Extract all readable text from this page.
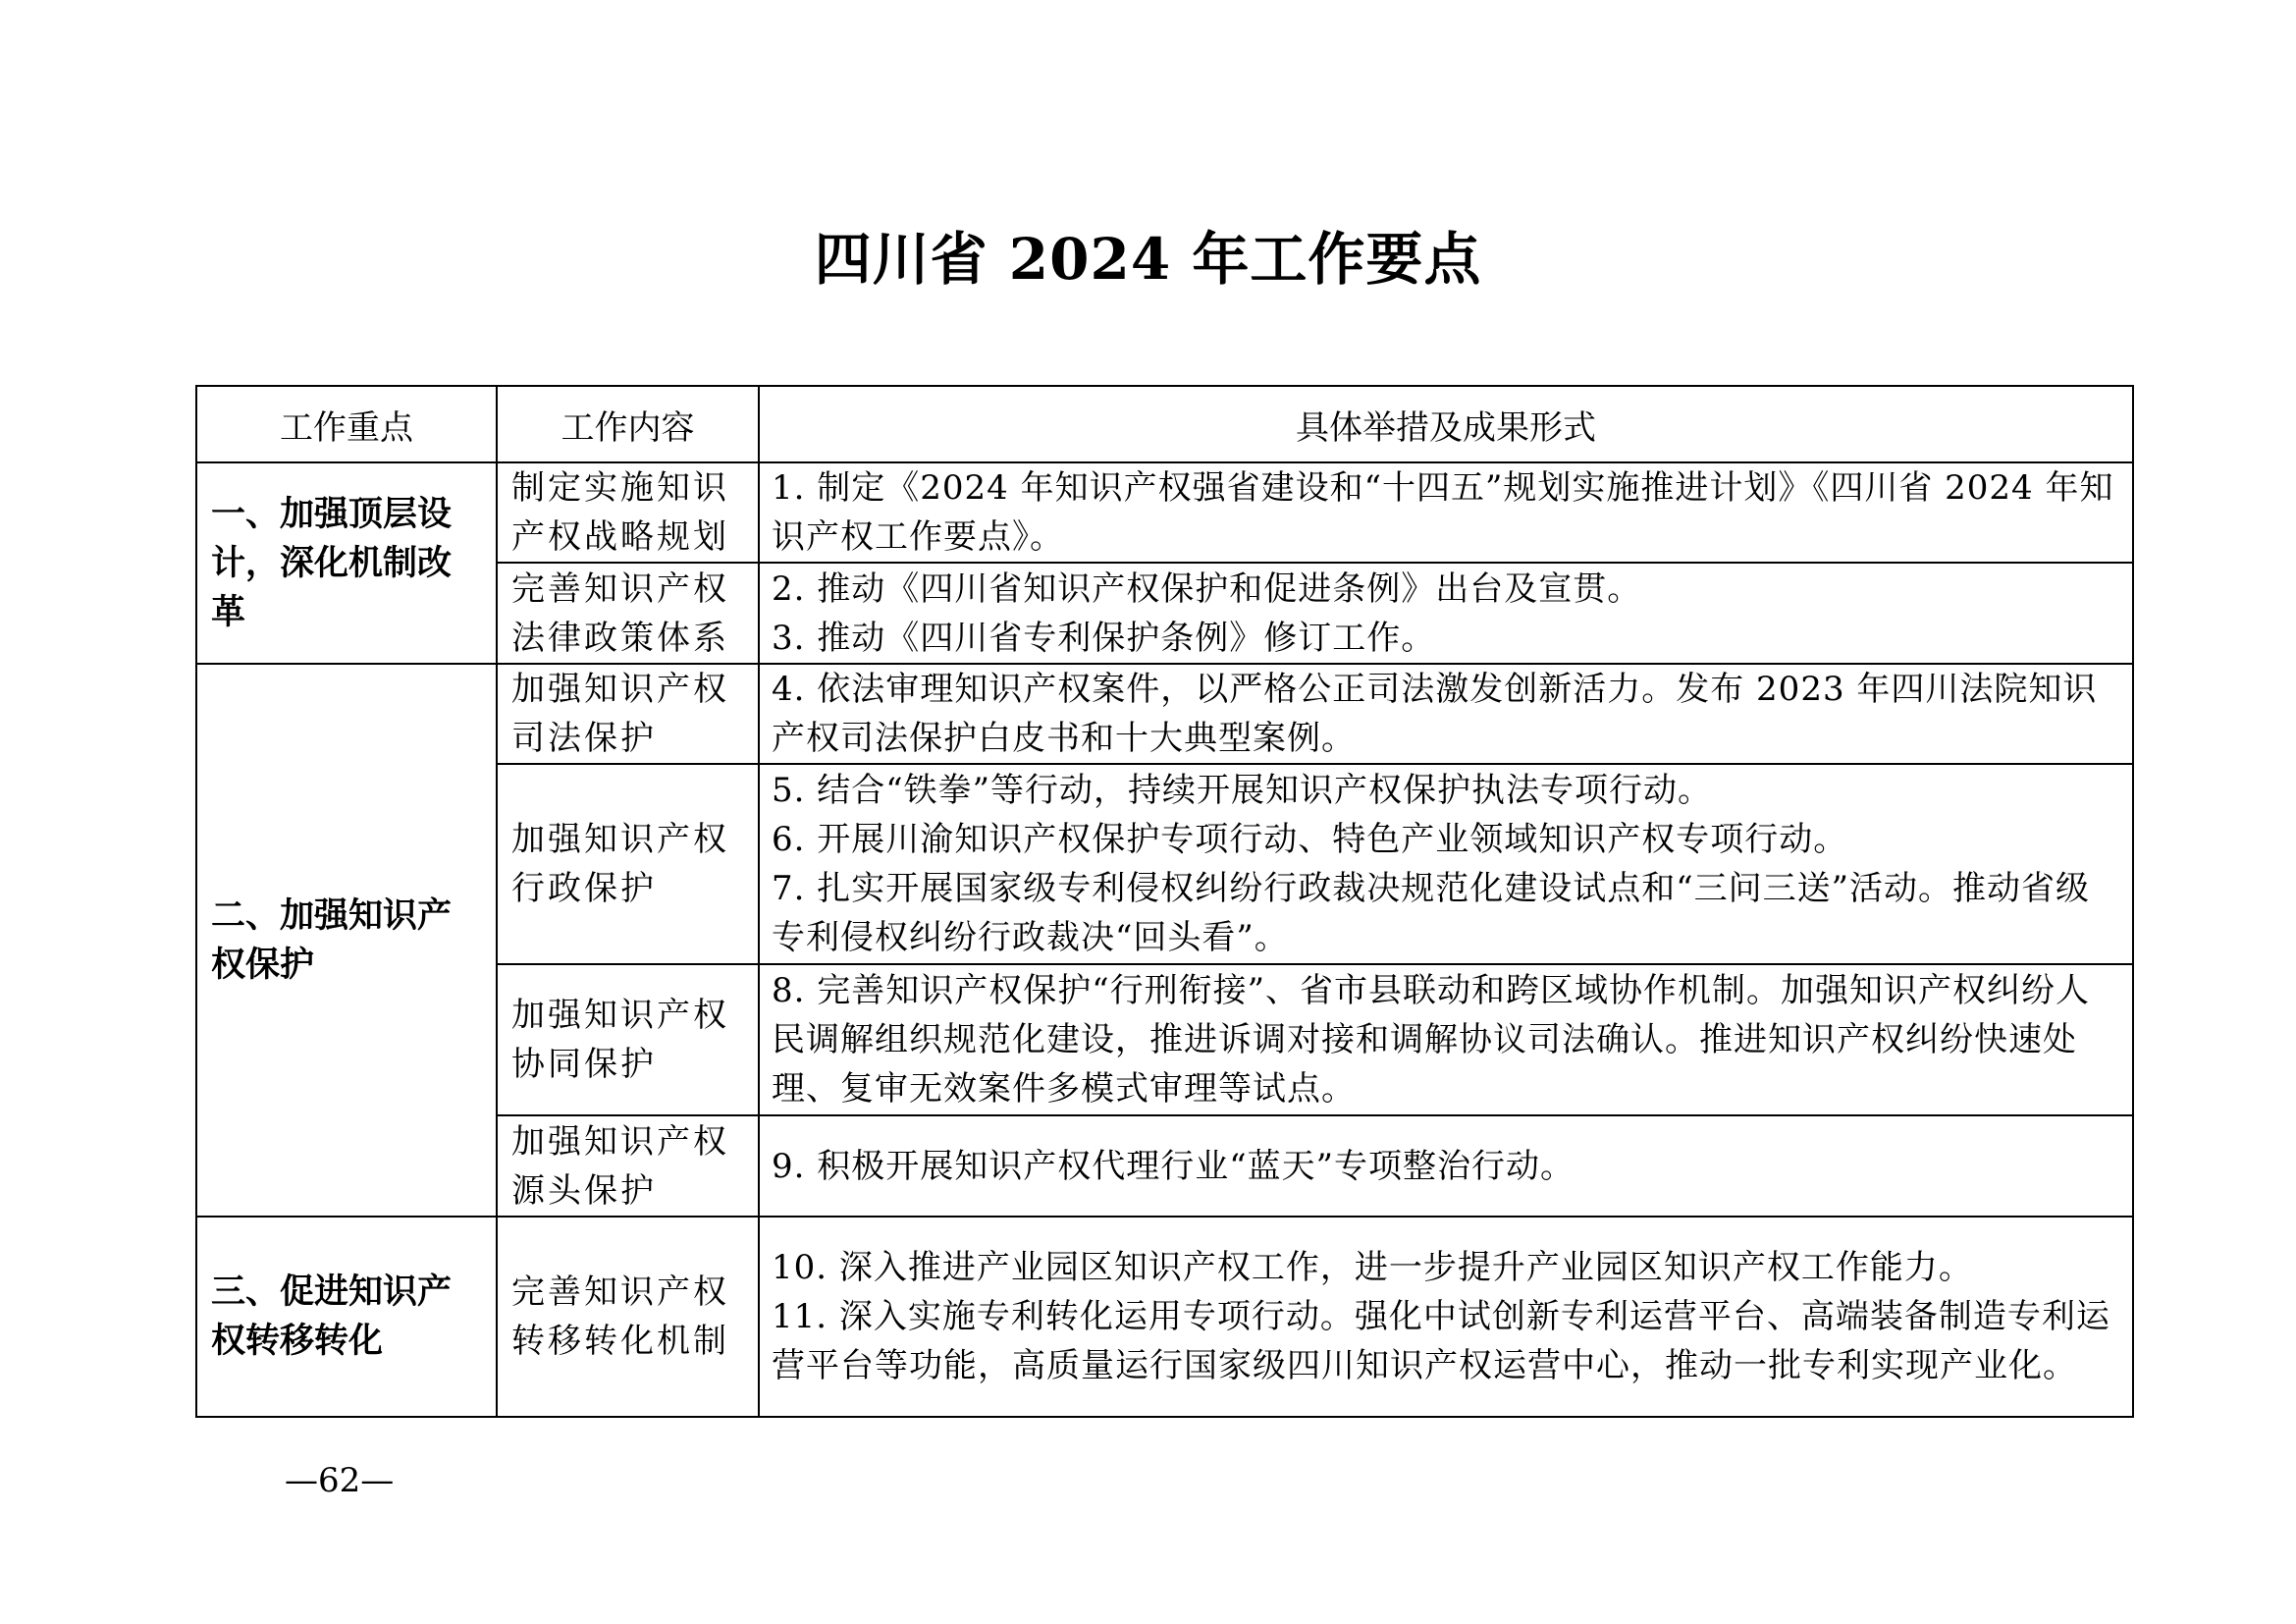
四川省 2024 年工作要点
工作重点	工作内容	具体举措及成果形式
一、加强顶层设计，深化机制改革	制定实施知识产权战略规划	1. 制定《2024 年知识产权强省建设和“十四五”规划实施推进计划》《四川省 2024 年知识产权工作要点》。

	完善知识产权法律政策体系	2. 推动《四川省知识产权保护和促进条例》出台及宣贯。
3. 推动《四川省专利保护条例》修订工作。

二、加强知识产权保护	加强知识产权司法保护	4. 依法审理知识产权案件，以严格公正司法激发创新活力。发布 2023 年四川法院知识产权司法保护白皮书和十大典型案例。

	加强知识产权行政保护	5. 结合“铁拳”等行动，持续开展知识产权保护执法专项行动。
6. 开展川渝知识产权保护专项行动、特色产业领域知识产权专项行动。
7. 扎实开展国家级专利侵权纠纷行政裁决规范化建设试点和“三问三送”活动。推动省级专利侵权纠纷行政裁决“回头看”。

	加强知识产权协同保护	8. 完善知识产权保护“行刑衔接”、省市县联动和跨区域协作机制。加强知识产权纠纷人民调解组织规范化建设，推进诉调对接和调解协议司法确认。推进知识产权纠纷快速处理、复审无效案件多模式审理等试点。

	加强知识产权源头保护	9. 积极开展知识产权代理行业“蓝天”专项整治行动。

三、促进知识产权转移转化	完善知识产权转移转化机制	10. 深入推进产业园区知识产权工作，进一步提升产业园区知识产权工作能力。
11. 深入实施专利转化运用专项行动。强化中试创新专利运营平台、高端装备制造专利运营平台等功能，高质量运行国家级四川知识产权运营中心，推动一批专利实现产业化。
—62—
